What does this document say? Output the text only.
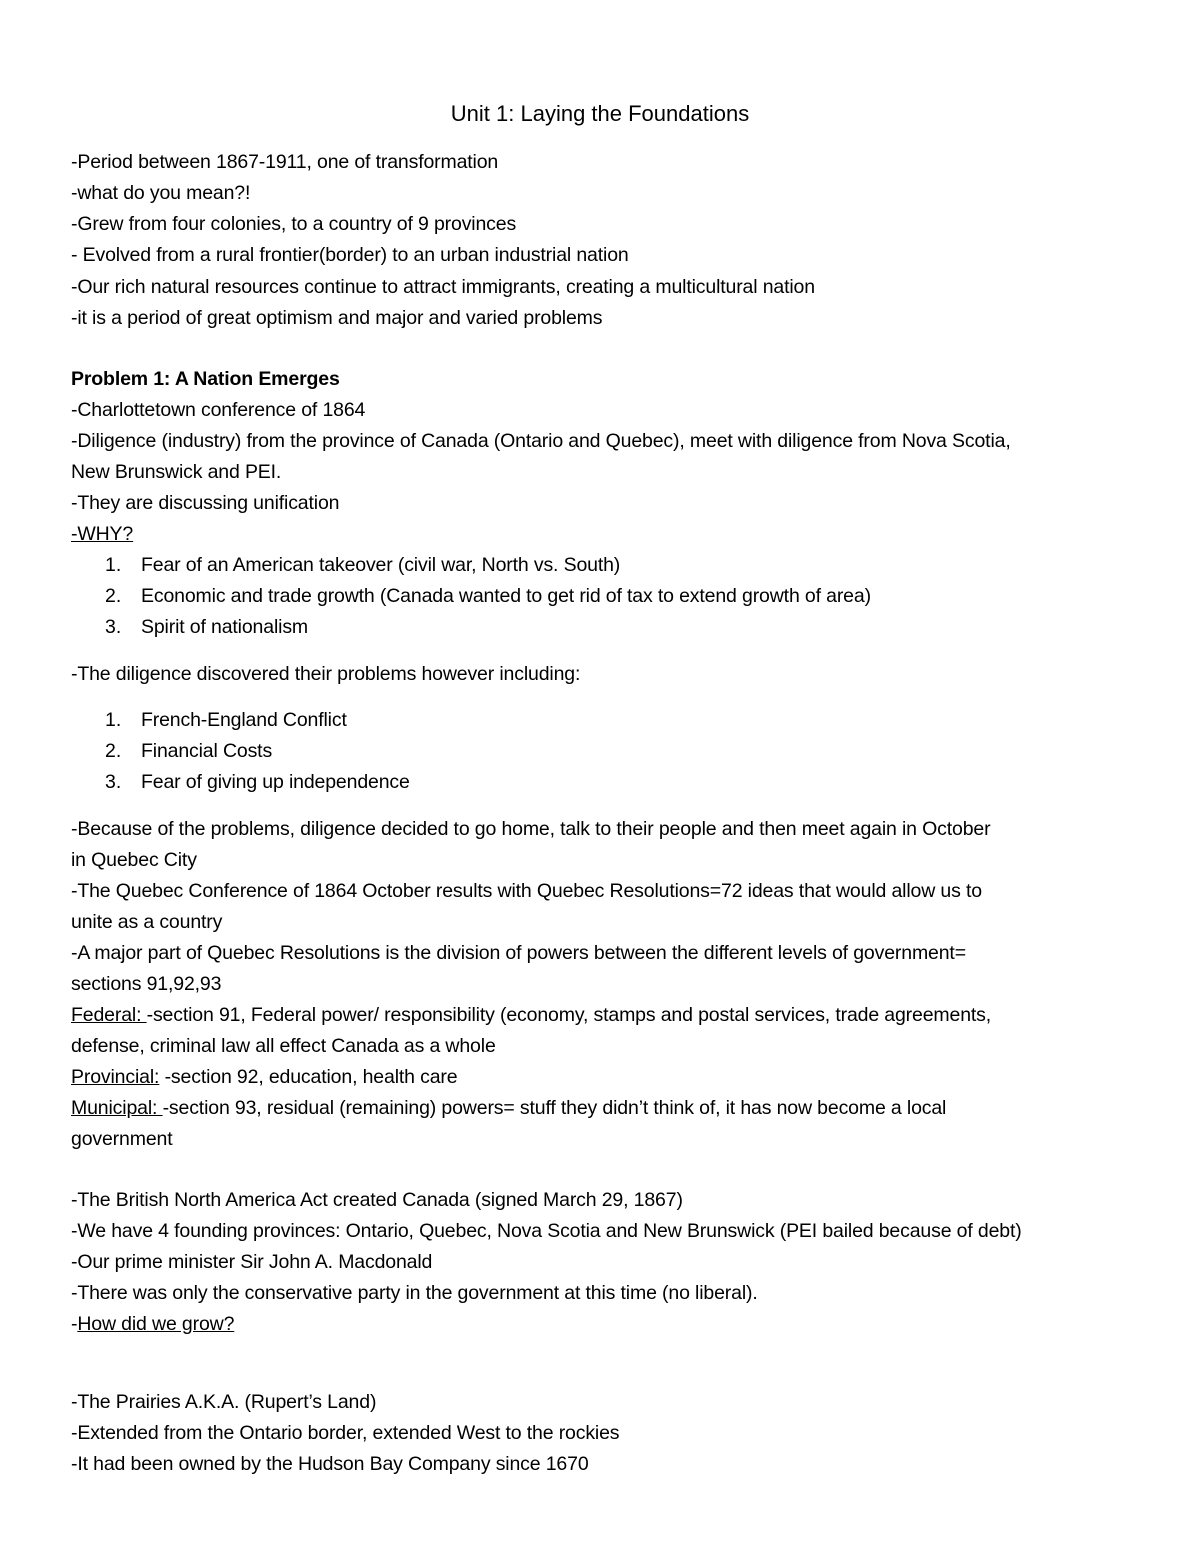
Unit 1: Laying the Foundations
-Period between 1867-1911, one of transformation
-what do you mean?!
-Grew from four colonies, to a country of 9 provinces
- Evolved from a rural frontier(border) to an urban industrial nation
-Our rich natural resources continue to attract immigrants, creating a multicultural nation
-it is a period of great optimism and major and varied problems
Problem 1: A Nation Emerges
-Charlottetown conference of 1864
-Diligence (industry) from the province of Canada (Ontario and Quebec), meet with diligence from Nova Scotia,
New Brunswick and PEI.
-They are discussing unification
-WHY?
1. Fear of an American takeover (civil war, North vs. South)
2. Economic and trade growth (Canada wanted to get rid of tax to extend growth of area)
3. Spirit of nationalism
-The diligence discovered their problems however including:
1. French-England Conflict
2. Financial Costs
3. Fear of giving up independence
-Because of the problems, diligence decided to go home, talk to their people and then meet again in October
in Quebec City
-The Quebec Conference of 1864 October results with Quebec Resolutions=72 ideas that would allow us to
unite as a country
-A major part of Quebec Resolutions is the division of powers between the different levels of government=
sections 91,92,93
Federal: -section 91, Federal power/ responsibility (economy, stamps and postal services, trade agreements,
defense, criminal law all effect Canada as a whole
Provincial: -section 92, education, health care
Municipal: -section 93, residual (remaining) powers= stuff they didn’t think of, it has now become a local
government
-The British North America Act created Canada (signed March 29, 1867)
-We have 4 founding provinces: Ontario, Quebec, Nova Scotia and New Brunswick (PEI bailed because of debt)
-Our prime minister Sir John A. Macdonald
-There was only the conservative party in the government at this time (no liberal).
-How did we grow?
-The Prairies A.K.A. (Rupert’s Land)
-Extended from the Ontario border, extended West to the rockies
-It had been owned by the Hudson Bay Company since 1670
